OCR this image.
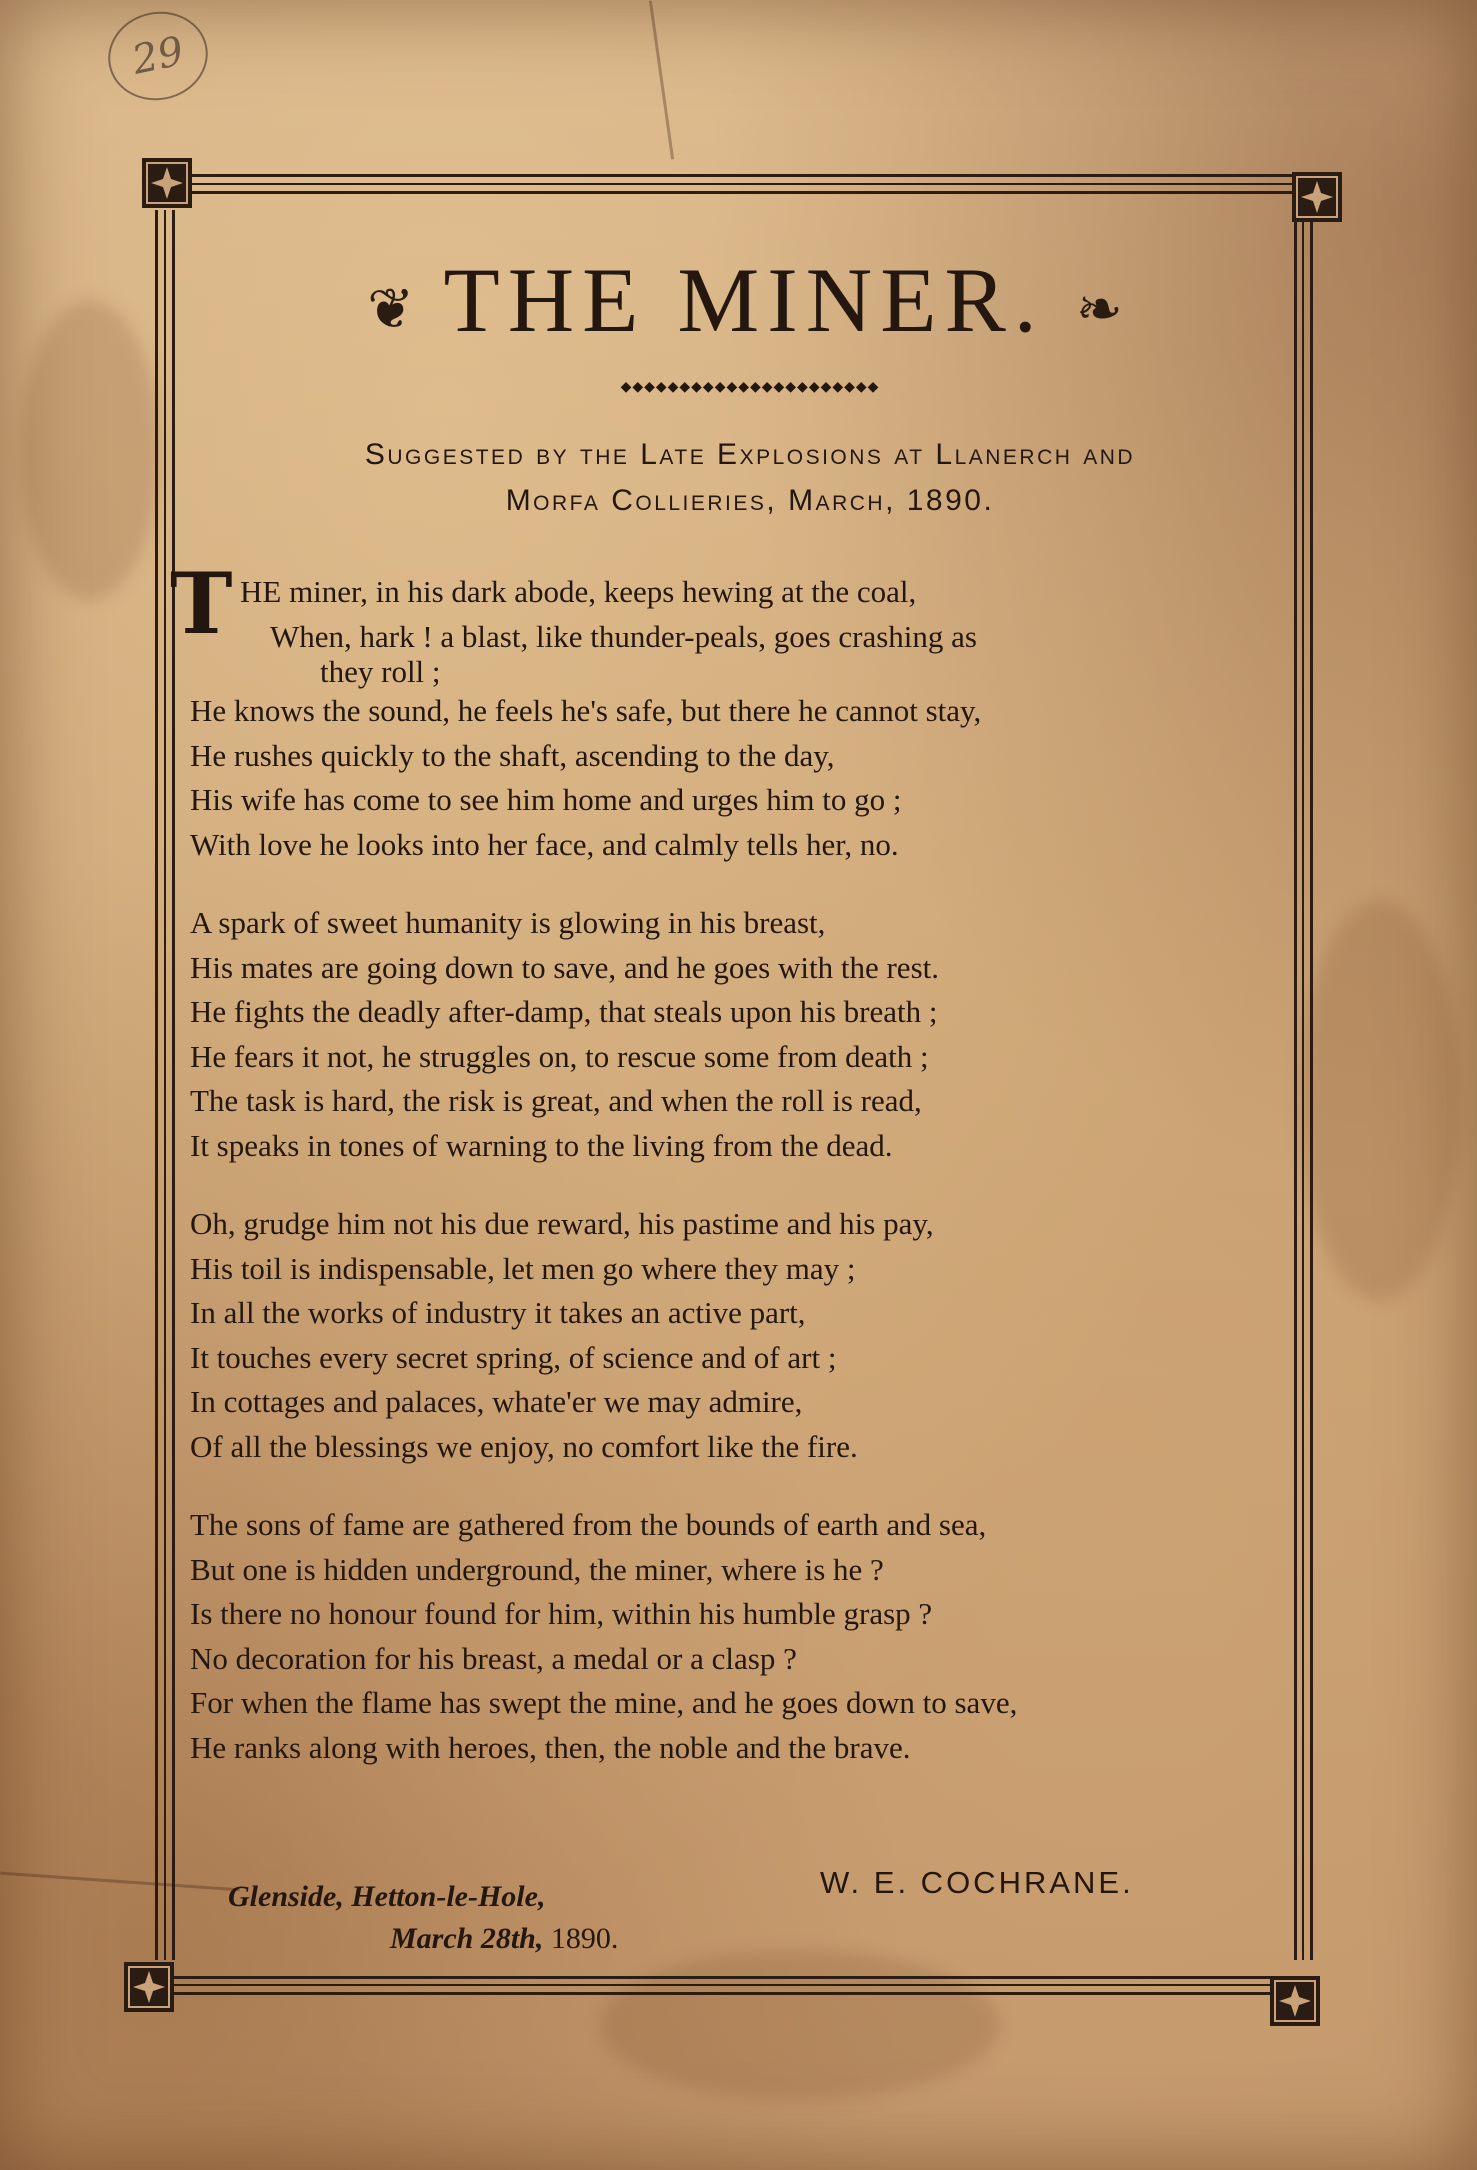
29
❦ THE MINER. ❧
◆◆◆◆◆◆◆◆◆◆◆◆◆◆◆◆◆◆◆◆◆◆
Suggested by the Late Explosions at Llanerch and
Morfa Collieries, March, 1890.
T HE miner, in his dark abode, keeps hewing at the coal,
When, hark ! a blast, like thunder-peals, goes crashing as
they roll ;
He knows the sound, he feels he's safe, but there he cannot stay,
He rushes quickly to the shaft, ascending to the day,
His wife has come to see him home and urges him to go ;
With love he looks into her face, and calmly tells her, no.
A spark of sweet humanity is glowing in his breast,
His mates are going down to save, and he goes with the rest.
He fights the deadly after-damp, that steals upon his breath ;
He fears it not, he struggles on, to rescue some from death ;
The task is hard, the risk is great, and when the roll is read,
It speaks in tones of warning to the living from the dead.
Oh, grudge him not his due reward, his pastime and his pay,
His toil is indispensable, let men go where they may ;
In all the works of industry it takes an active part,
It touches every secret spring, of science and of art ;
In cottages and palaces, whate'er we may admire,
Of all the blessings we enjoy, no comfort like the fire.
The sons of fame are gathered from the bounds of earth and sea,
But one is hidden underground, the miner, where is he ?
Is there no honour found for him, within his humble grasp ?
No decoration for his breast, a medal or a clasp ?
For when the flame has swept the mine, and he goes down to save,
He ranks along with heroes, then, the noble and the brave.
Glenside, Hetton-le-Hole,
March 28th, 1890.
W. E. COCHRANE.
